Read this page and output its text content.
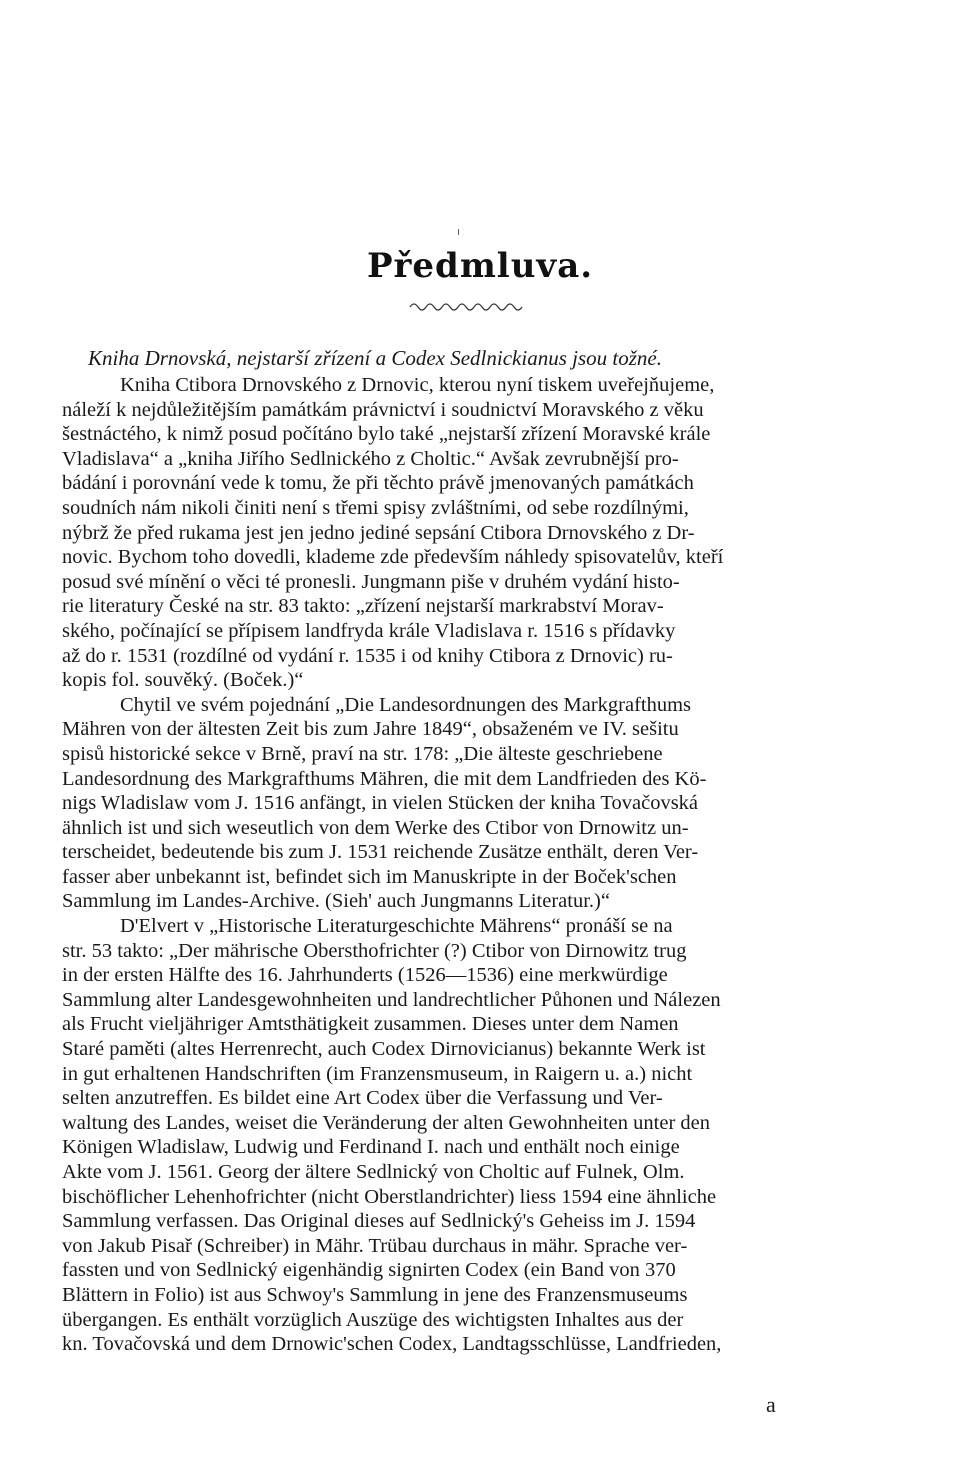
Předmluva.
Kniha Drnovská, nejstarší zřízení a Codex Sedlnickianus jsou tožné.
Kniha Ctibora Drnovského z Drnovic, kterou nyní tiskem uveřejňujeme,
náleží k nejdůležitějším památkám právnictví i soudnictví Moravského z věku
šestnáctého, k nimž posud počítáno bylo také „nejstarší zřízení Moravské krále
Vladislava“ a „kniha Jiřího Sedlnického z Choltic.“ Avšak zevrubnější pro-
bádání i porovnání vede k tomu, že při těchto právě jmenovaných památkách
soudních nám nikoli činiti není s třemi spisy zvláštními, od sebe rozdílnými,
nýbrž že před rukama jest jen jedno jediné sepsání Ctibora Drnovského z Dr-
novic. Bychom toho dovedli, klademe zde především náhledy spisovatelův, kteří
posud své mínění o věci té pronesli. Jungmann piše v druhém vydání histo-
rie literatury České na str. 83 takto: „zřízení nejstarší markrabství Morav-
ského, počínající se přípisem landfryda krále Vladislava r. 1516 s přídavky
až do r. 1531 (rozdílné od vydání r. 1535 i od knihy Ctibora z Drnovic) ru-
kopis fol. souvěký. (Boček.)“
Chytil ve svém pojednání „Die Landesordnungen des Markgrafthums
Mähren von der ältesten Zeit bis zum Jahre 1849“, obsaženém ve IV. sešitu
spisů historické sekce v Brně, praví na str. 178: „Die älteste geschriebene
Landesordnung des Markgrafthums Mähren, die mit dem Landfrieden des Kö-
nigs Wladislaw vom J. 1516 anfängt, in vielen Stücken der kniha Tovačovská
ähnlich ist und sich weseutlich von dem Werke des Ctibor von Drnowitz un-
terscheidet, bedeutende bis zum J. 1531 reichende Zusätze enthält, deren Ver-
fasser aber unbekannt ist, befindet sich im Manuskripte in der Boček'schen
Sammlung im Landes-Archive. (Sieh' auch Jungmanns Literatur.)“
D'Elvert v „Historische Literaturgeschichte Mährens“ pronáší se na
str. 53 takto: „Der mährische Obersthofrichter (?) Ctibor von Dirnowitz trug
in der ersten Hälfte des 16. Jahrhunderts (1526—1536) eine merkwürdige
Sammlung alter Landesgewohnheiten und landrechtlicher Půhonen und Nálezen
als Frucht vieljähriger Amtsthätigkeit zusammen. Dieses unter dem Namen
Staré paměti (altes Herrenrecht, auch Codex Dirnovicianus) bekannte Werk ist
in gut erhaltenen Handschriften (im Franzensmuseum, in Raigern u. a.) nicht
selten anzutreffen. Es bildet eine Art Codex über die Verfassung und Ver-
waltung des Landes, weiset die Veränderung der alten Gewohnheiten unter den
Königen Wladislaw, Ludwig und Ferdinand I. nach und enthält noch einige
Akte vom J. 1561. Georg der ältere Sedlnický von Choltic auf Fulnek, Olm.
bischöflicher Lehenhofrichter (nicht Oberstlandrichter) liess 1594 eine ähnliche
Sammlung verfassen. Das Original dieses auf Sedlnický's Geheiss im J. 1594
von Jakub Pisař (Schreiber) in Mähr. Trübau durchaus in mähr. Sprache ver-
fassten und von Sedlnický eigenhändig signirten Codex (ein Band von 370
Blättern in Folio) ist aus Schwoy's Sammlung in jene des Franzensmuseums
übergangen. Es enthält vorzüglich Auszüge des wichtigsten Inhaltes aus der
kn. Tovačovská und dem Drnowic'schen Codex, Landtagsschlüsse, Landfrieden,
a
